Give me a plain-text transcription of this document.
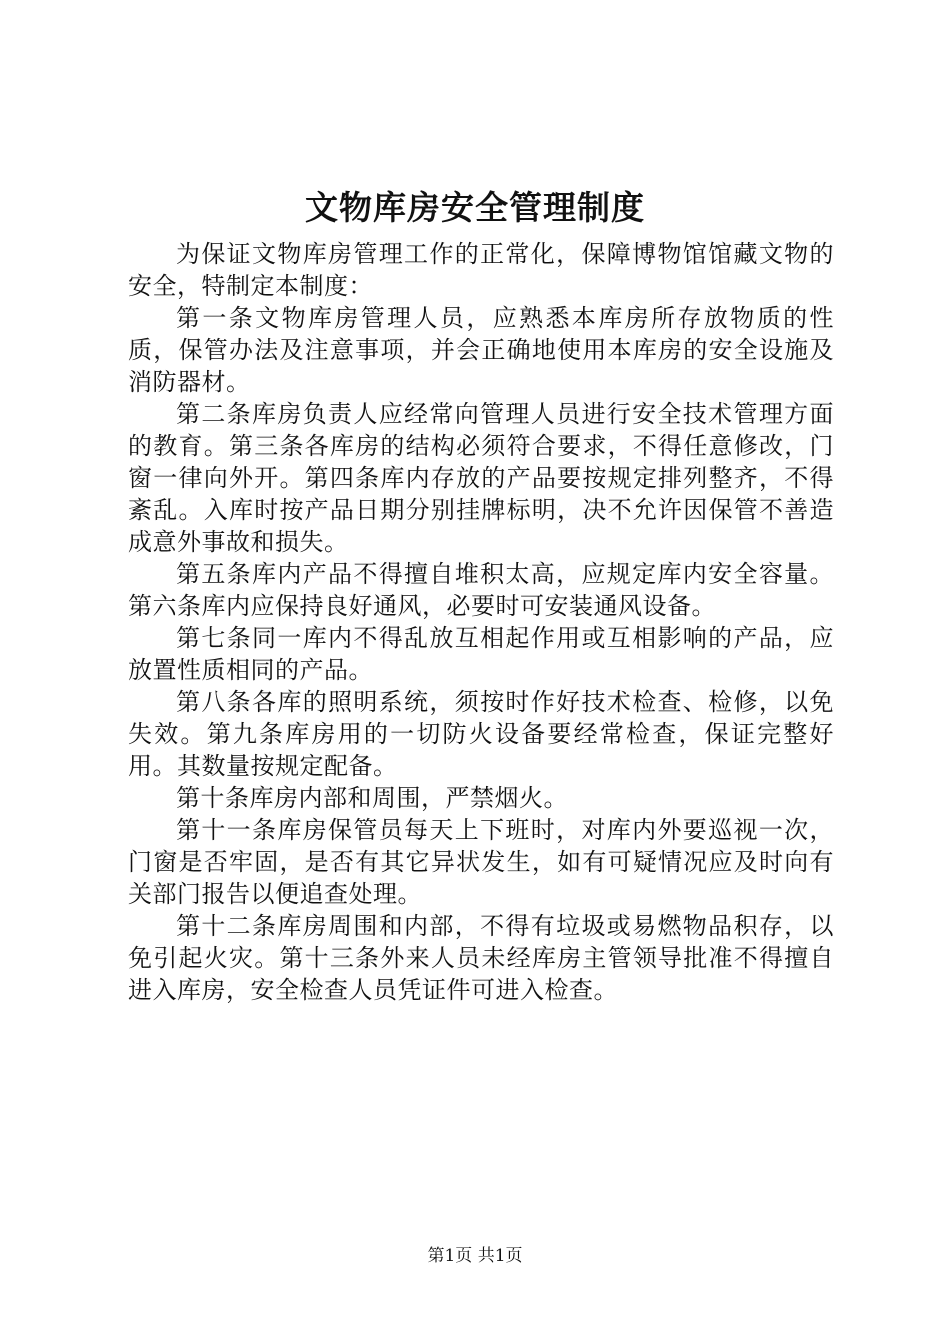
文物库房安全管理制度

为保证文物库房管理工作的正常化，保障博物馆馆藏文物的安全，特制定本制度：

第一条文物库房管理人员，应熟悉本库房所存放物质的性质，保管办法及注意事项，并会正确地使用本库房的安全设施及消防器材。

第二条库房负责人应经常向管理人员进行安全技术管理方面的教育。第三条各库房的结构必须符合要求，不得任意修改，门窗一律向外开。第四条库内存放的产品要按规定排列整齐，不得紊乱。入库时按产品日期分别挂牌标明，决不允许因保管不善造成意外事故和损失。

第五条库内产品不得擅自堆积太高，应规定库内安全容量。第六条库内应保持良好通风，必要时可安装通风设备。

第七条同一库内不得乱放互相起作用或互相影响的产品，应放置性质相同的产品。

第八条各库的照明系统，须按时作好技术检查、检修，以免失效。第九条库房用的一切防火设备要经常检查，保证完整好用。其数量按规定配备。

第十条库房内部和周围，严禁烟火。

第十一条库房保管员每天上下班时，对库内外要巡视一次，门窗是否牢固，是否有其它异状发生，如有可疑情况应及时向有关部门报告以便追查处理。

第十二条库房周围和内部，不得有垃圾或易燃物品积存，以免引起火灾。第十三条外来人员未经库房主管领导批准不得擅自进入库房，安全检查人员凭证件可进入检查。

第1页 共1页
